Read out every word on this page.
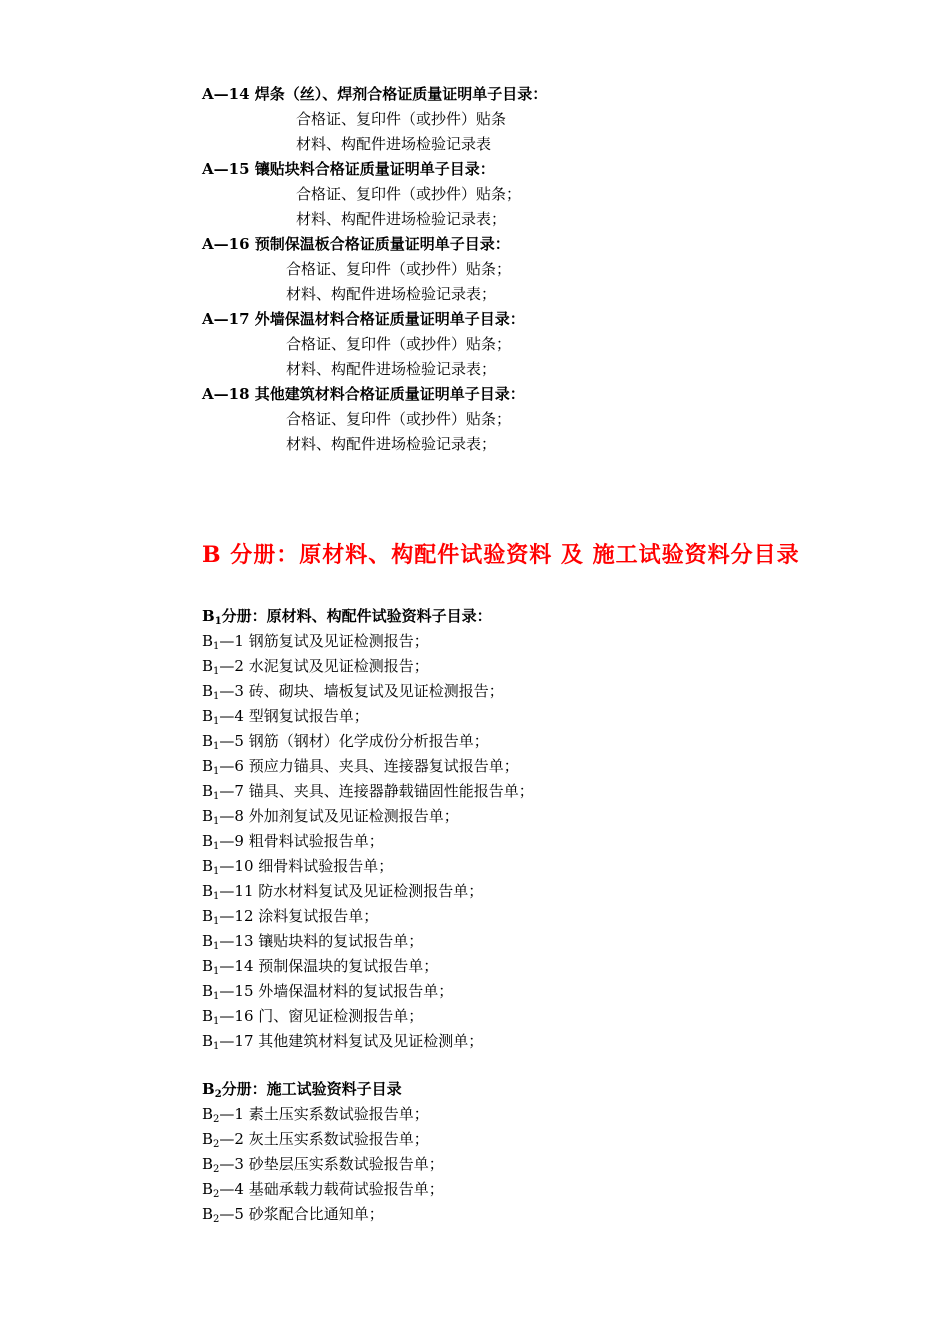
A—14 焊条（丝）、焊剂合格证质量证明单子目录：
合格证、复印件（或抄件）贴条
材料、构配件进场检验记录表
A—15 镶贴块料合格证质量证明单子目录：
合格证、复印件（或抄件）贴条；
材料、构配件进场检验记录表；
A—16 预制保温板合格证质量证明单子目录：
合格证、复印件（或抄件）贴条；
材料、构配件进场检验记录表；
A—17 外墙保温材料合格证质量证明单子目录：
合格证、复印件（或抄件）贴条；
材料、构配件进场检验记录表；
A—18 其他建筑材料合格证质量证明单子目录：
合格证、复印件（或抄件）贴条；
材料、构配件进场检验记录表；
B 分册：原材料、构配件试验资料 及 施工试验资料分目录
$B_1$分册：原材料、构配件试验资料子目录：
$B_1—1$ 钢筋复试及见证检测报告；
$B_1—2$ 水泥复试及见证检测报告；
$B_1—3$ 砖、砌块、墙板复试及见证检测报告；
$B_1—4$ 型钢复试报告单；
$B_1—5$ 钢筋（钢材）化学成份分析报告单；
$B_1—6$ 预应力锚具、夹具、连接器复试报告单；
$B_1—7$ 锚具、夹具、连接器静载锚固性能报告单；
$B_1—8$ 外加剂复试及见证检测报告单；
$B_1—9$ 粗骨料试验报告单；
$B_1—10$ 细骨料试验报告单；
$B_1—11$ 防水材料复试及见证检测报告单；
$B_1—12$ 涂料复试报告单；
$B_1—13$ 镶贴块料的复试报告单；
$B_1—14$ 预制保温块的复试报告单；
$B_1—15$ 外墙保温材料的复试报告单；
$B_1—16$ 门、窗见证检测报告单；
$B_1—17$ 其他建筑材料复试及见证检测单；
$B_2$分册：施工试验资料子目录
$B_2—1$ 素土压实系数试验报告单；
$B_2—2$ 灰土压实系数试验报告单；
$B_2—3$ 砂垫层压实系数试验报告单；
$B_2—4$ 基础承载力载荷试验报告单；
$B_2—5$ 砂浆配合比通知单；
